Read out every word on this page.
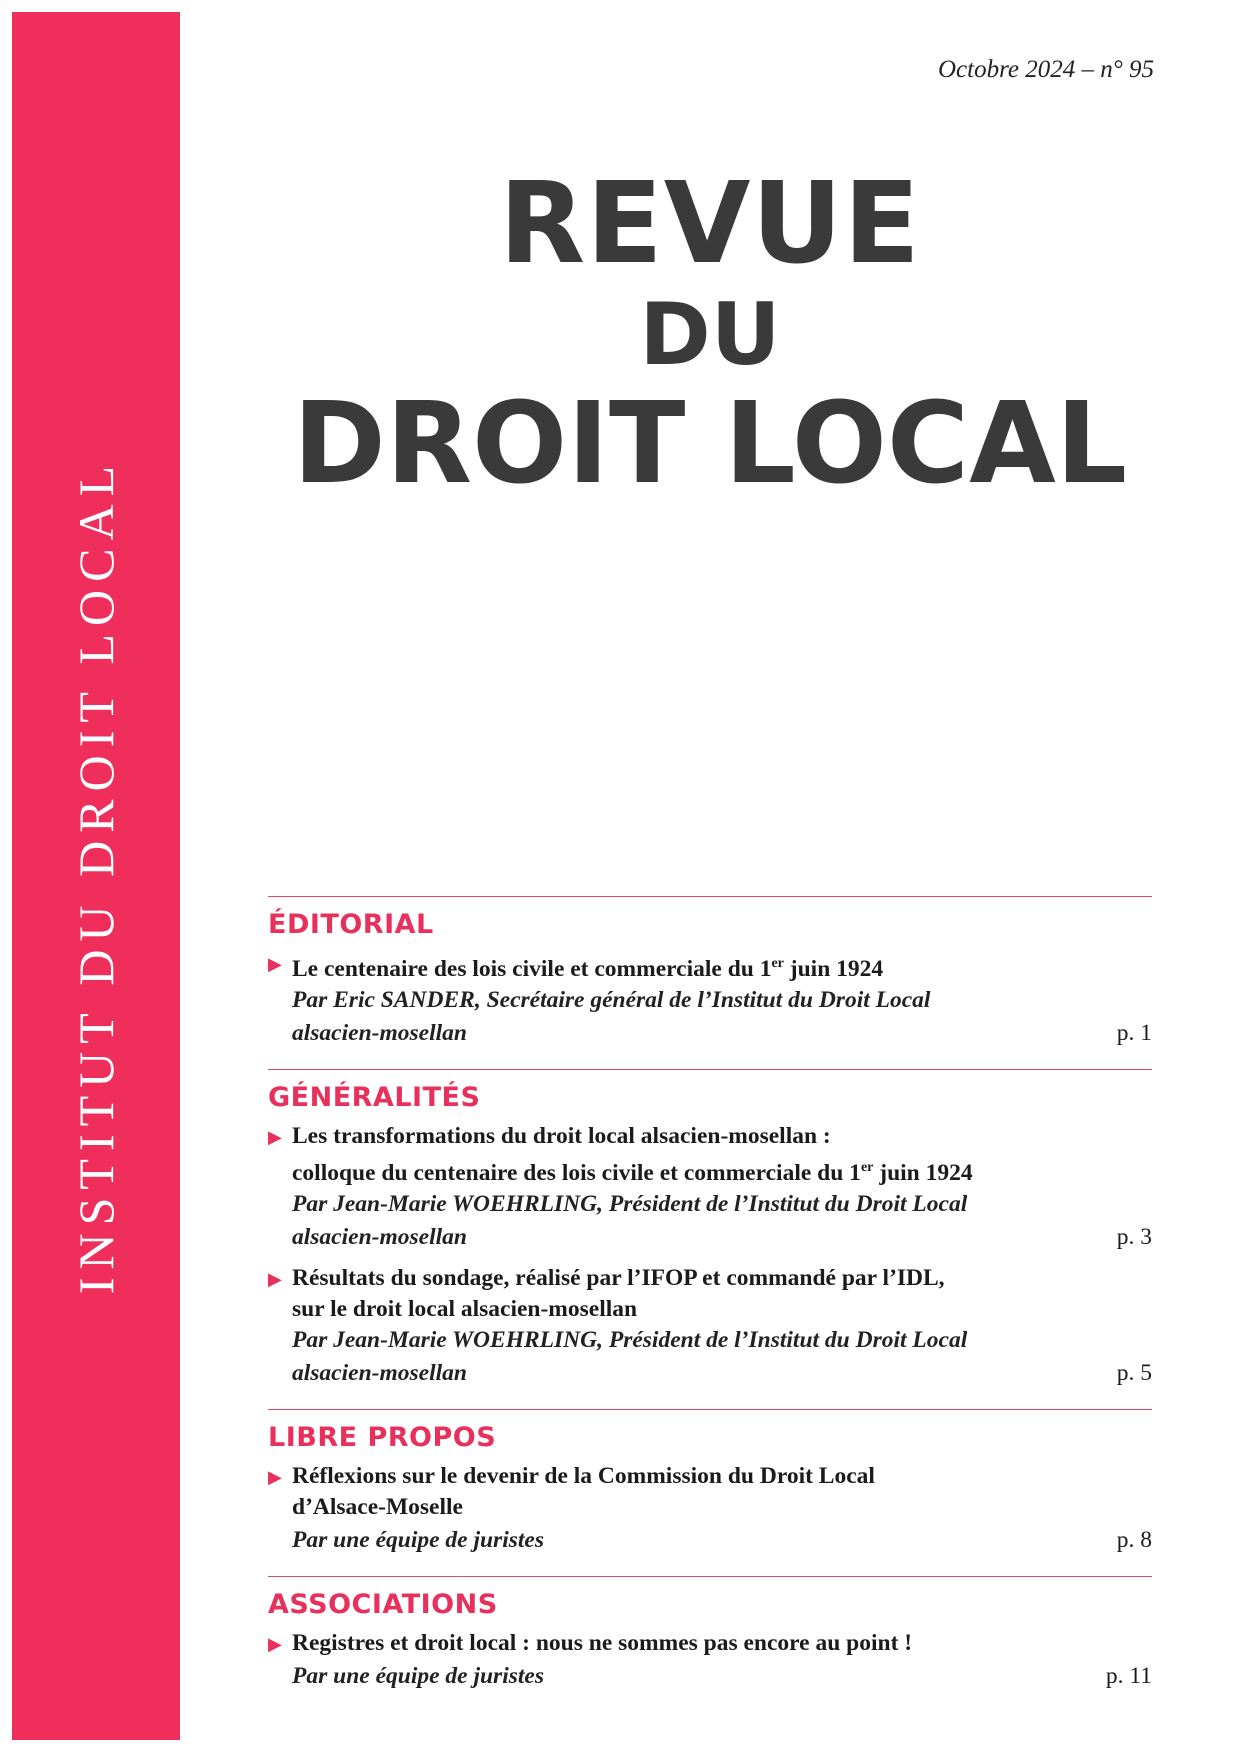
INSTITUT DU DROIT LOCAL
Octobre 2024 – n° 95
REVUE
DU
DROIT LOCAL
ÉDITORIAL
▶ Le centenaire des lois civile et commerciale du 1er juin 1924
Par Eric SANDER, Secrétaire général de l’Institut du Droit Local
alsacien-mosellan	p. 1
GÉNÉRALITÉS
▶ Les transformations du droit local alsacien-mosellan :
colloque du centenaire des lois civile et commerciale du 1er juin 1924
Par Jean-Marie WOEHRLING, Président de l’Institut du Droit Local
alsacien-mosellan	p. 3
▶ Résultats du sondage, réalisé par l’IFOP et commandé par l’IDL,
sur le droit local alsacien-mosellan
Par Jean-Marie WOEHRLING, Président de l’Institut du Droit Local
alsacien-mosellan	p. 5
LIBRE PROPOS
▶ Réflexions sur le devenir de la Commission du Droit Local
d’Alsace-Moselle
Par une équipe de juristes	p. 8
ASSOCIATIONS
▶ Registres et droit local : nous ne sommes pas encore au point !
Par une équipe de juristes	p. 11
